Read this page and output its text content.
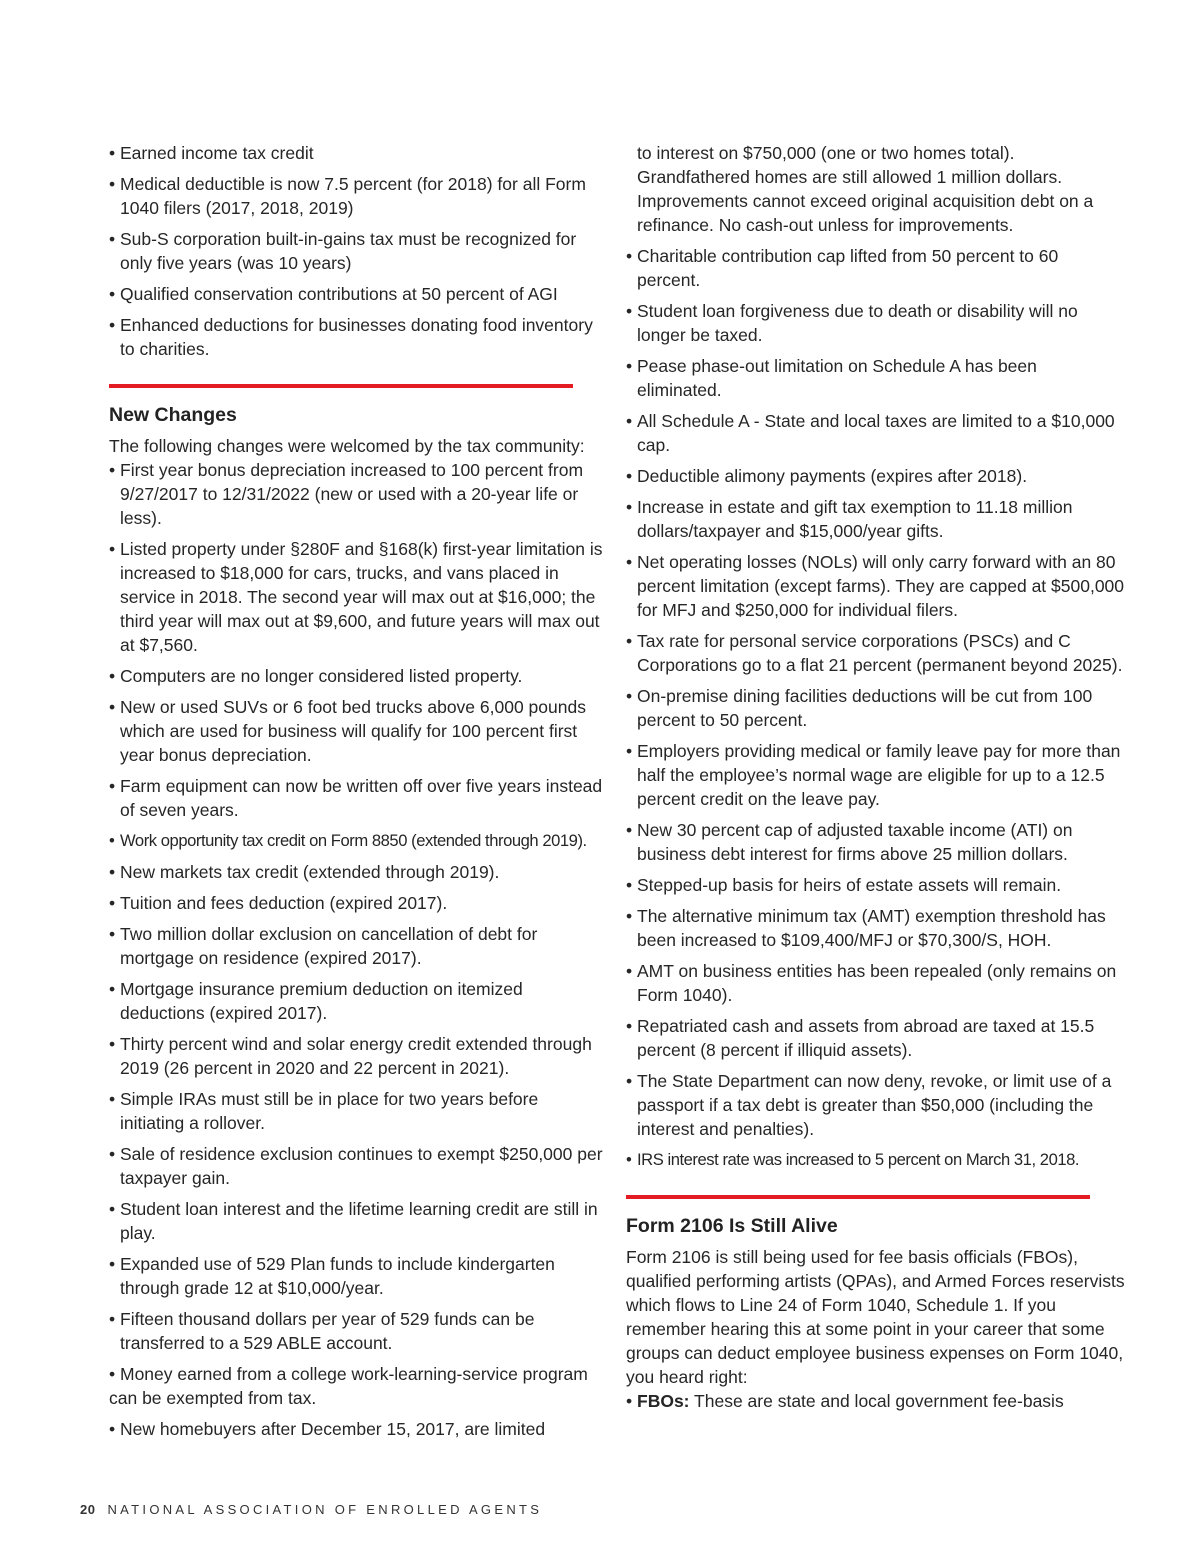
• Earned income tax credit
• Medical deductible is now 7.5 percent (for 2018) for all Form 1040 filers (2017, 2018, 2019)
• Sub-S corporation built-in-gains tax must be recognized for only five years (was 10 years)
• Qualified conservation contributions at 50 percent of AGI
• Enhanced deductions for businesses donating food inventory to charities.
New Changes

The following changes were welcomed by the tax community:

• First year bonus depreciation increased to 100 percent from 9/27/2017 to 12/31/2022 (new or used with a 20-year life or less).
• Listed property under §280F and §168(k) first-year limitation is increased to $18,000 for cars, trucks, and vans placed in service in 2018. The second year will max out at $16,000; the third year will max out at $9,600, and future years will max out at $7,560.
• Computers are no longer considered listed property.
• New or used SUVs or 6 foot bed trucks above 6,000 pounds which are used for business will qualify for 100 percent first year bonus depreciation.
• Farm equipment can now be written off over five years instead of seven years.
• Work opportunity tax credit on Form 8850 (extended through 2019).
• New markets tax credit (extended through 2019).
• Tuition and fees deduction (expired 2017).
• Two million dollar exclusion on cancellation of debt for mortgage on residence (expired 2017).
• Mortgage insurance premium deduction on itemized deductions (expired 2017).
• Thirty percent wind and solar energy credit extended through 2019 (26 percent in 2020 and 22 percent in 2021).
• Simple IRAs must still be in place for two years before initiating a rollover.
• Sale of residence exclusion continues to exempt $250,000 per taxpayer gain.
• Student loan interest and the lifetime learning credit are still in play.
• Expanded use of 529 Plan funds to include kindergarten through grade 12 at $10,000/year.
• Fifteen thousand dollars per year of 529 funds can be transferred to a 529 ABLE account.
• Money earned from a college work-learning-service program can be exempted from tax.
• New homebuyers after December 15, 2017, are limited
to interest on $750,000 (one or two homes total). Grandfathered homes are still allowed 1 million dollars. Improvements cannot exceed original acquisition debt on a refinance. No cash-out unless for improvements.
• Charitable contribution cap lifted from 50 percent to 60 percent.
• Student loan forgiveness due to death or disability will no longer be taxed.
• Pease phase-out limitation on Schedule A has been eliminated.
• All Schedule A - State and local taxes are limited to a $10,000 cap.
• Deductible alimony payments (expires after 2018).
• Increase in estate and gift tax exemption to 11.18 million dollars/taxpayer and $15,000/year gifts.
• Net operating losses (NOLs) will only carry forward with an 80 percent limitation (except farms). They are capped at $500,000 for MFJ and $250,000 for individual filers.
• Tax rate for personal service corporations (PSCs) and C Corporations go to a flat 21 percent (permanent beyond 2025).
• On-premise dining facilities deductions will be cut from 100 percent to 50 percent.
• Employers providing medical or family leave pay for more than half the employee’s normal wage are eligible for up to a 12.5 percent credit on the leave pay.
• New 30 percent cap of adjusted taxable income (ATI) on business debt interest for firms above 25 million dollars.
• Stepped-up basis for heirs of estate assets will remain.
• The alternative minimum tax (AMT) exemption threshold has been increased to $109,400/MFJ or $70,300/S, HOH.
• AMT on business entities has been repealed (only remains on Form 1040).
• Repatriated cash and assets from abroad are taxed at 15.5 percent (8 percent if illiquid assets).
• The State Department can now deny, revoke, or limit use of a passport if a tax debt is greater than $50,000 (including the interest and penalties).
• IRS interest rate was increased to 5 percent on March 31, 2018.
Form 2106 Is Still Alive

Form 2106 is still being used for fee basis officials (FBOs), qualified performing artists (QPAs), and Armed Forces reservists which flows to Line 24 of Form 1040, Schedule 1. If you remember hearing this at some point in your career that some groups can deduct employee business expenses on Form 1040, you heard right:

• FBOs: These are state and local government fee-basis
20 NATIONAL ASSOCIATION OF ENROLLED AGENTS
